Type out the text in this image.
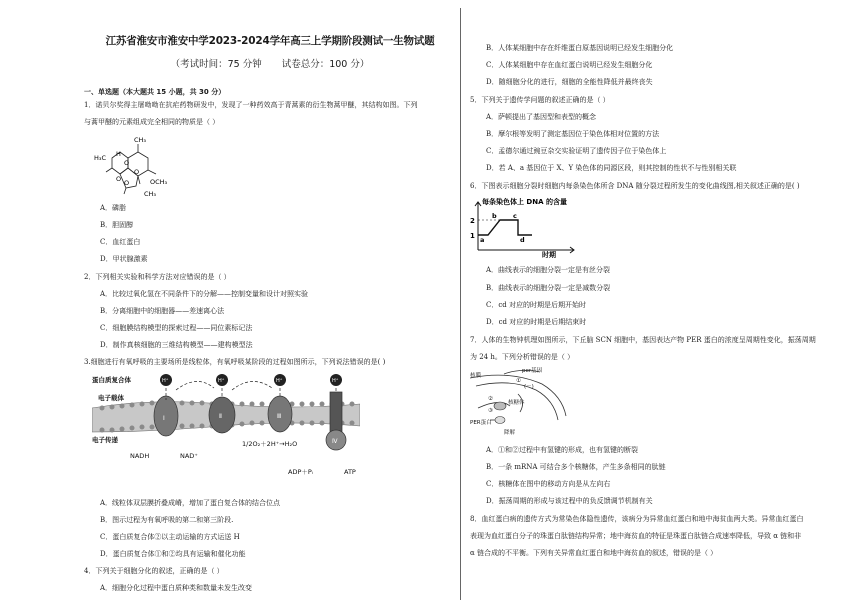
江苏省淮安市淮安中学2023-2024学年高三上学期阶段测试一生物试题
（考试时间：75 分钟 试卷总分：100 分）
一、单选题（本大题共 15 小题，共 30 分）
1．诺贝尔奖得主屠呦呦在抗疟药物研发中，发现了一种药效高于青蒿素的衍生物蒿甲醚，其结构如图。下列
与蒿甲醚的元素组成完全相同的物质是（ ）
CH₃
H
O
O
O
O
H₃C
OCH₃
CH₃
A．磷脂
B．胆固醇
C．血红蛋白
D．甲状腺激素
2．下列相关实验和科学方法对应错误的是（ ）
A．比较过氧化氢在不同条件下的分解——控制变量和设计对照实验
B．分离细胞中的细胞器——差速离心法
C．细胞膜结构模型的探索过程——同位素标记法
D．制作真核细胞的三维结构模型——建构模型法
3.细胞进行有氧呼吸的主要场所是线粒体，有氧呼吸某阶段的过程如图所示，下列说法错误的是( )
H⁺	H⁺	H⁺	H⁺
蛋白质复合体
电子载体
电子传递
NADH	NAD⁺
1/2O₂＋2H⁺→H₂O
ADP＋Pᵢ	ATP
Ⅰ	Ⅱ	Ⅲ
Ⅳ
A．线粒体双层膜折叠成嵴，增加了蛋白复合体的结合位点
B．图示过程为有氧呼吸的第二和第三阶段.
C．蛋白质复合体②以主动运输的方式运送 H
D．蛋白质复合体①和②均具有运输和催化功能
4．下列关于细胞分化的叙述，正确的是（ ）
A．细胞分化过程中蛋白质种类和数量未发生改变
B．人体某细胞中存在纤维蛋白原基因说明已经发生细胞分化
C．人体某细胞中存在血红蛋白说明已经发生细胞分化
D．随细胞分化的进行，细胞的全能性降低并最终丧失
5．下列关于遗传学问题的叙述正确的是（ ）
A．萨顿提出了基因型和表型的概念
B．摩尔根等发明了测定基因位于染色体相对位置的方法
C．孟德尔通过豌豆杂交实验证明了遗传因子位于染色体上
D．若 A、a 基因位于 X、Y 染色体的同源区段，则其控制的性状不与性别相关联
6．下图表示细胞分裂时细胞内每条染色体所含 DNA 随分裂过程所发生的变化曲线图,相关叙述正确的是( )
每条染色体上 DNA 的含量
2
1 a
b	c
d
时期
A．曲线表示的细胞分裂一定是有丝分裂
B．曲线表示的细胞分裂一定是减数分裂
C．cd 对应的时期是后期开始时
D．cd 对应的时期是后期结束时
7．人体的生物钟机理如图所示，下丘脑 SCN 细胞中，基因表达产物 PER 蛋白的浓度呈周期性变化，振荡周期
为 24 h。下列分析错误的是（ ）
核膜
per基因
①
(－)
②
核糖体
③
PER蛋白
降解
A．①和②过程中有氢键的形成，也有氢键的断裂
B．一条 mRNA 可结合多个核糖体，产生多条相同的肽链
C．核糖体在图中的移动方向是从左向右
D．振荡周期的形成与该过程中的负反馈调节机制有关
8．血红蛋白病的遗传方式为常染色体隐性遗传，该病分为异常血红蛋白和地中海贫血两大类。异常血红蛋白
表现为血红蛋白分子的珠蛋白肽链结构异常；地中海贫血的特征是珠蛋白肽链合成速率降低，导致 α 链和非
α 链合成的不平衡。下列有关异常血红蛋白和地中海贫血的叙述，错误的是（ ）
